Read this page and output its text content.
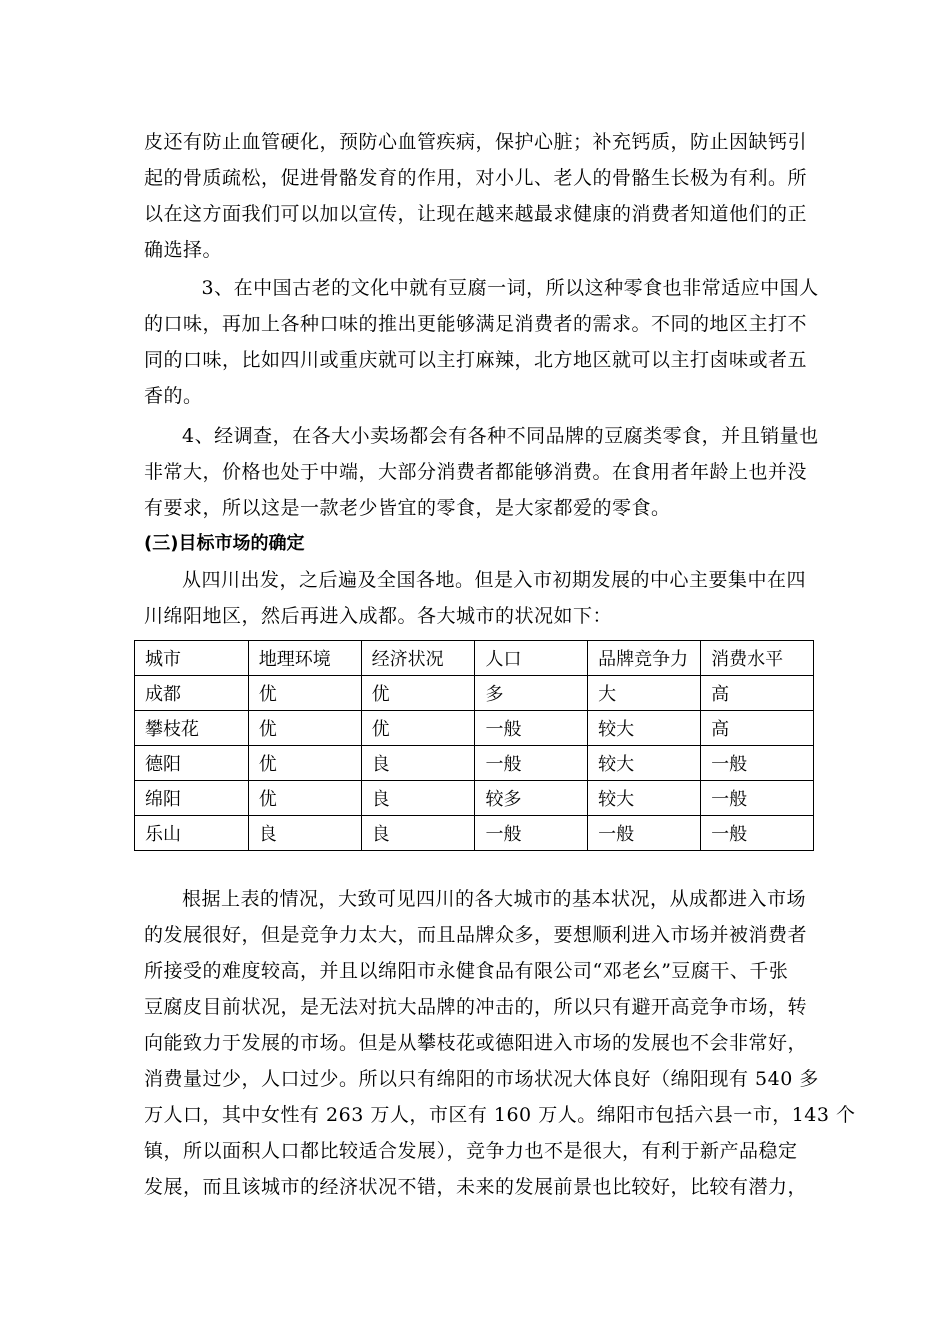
皮还有防止血管硬化，预防心血管疾病，保护心脏；补充钙质，防止因缺钙引
起的骨质疏松，促进骨骼发育的作用，对小儿、老人的骨骼生长极为有利。所
以在这方面我们可以加以宣传，让现在越来越最求健康的消费者知道他们的正
确选择。
　3、在中国古老的文化中就有豆腐一词，所以这种零食也非常适应中国人
的口味，再加上各种口味的推出更能够满足消费者的需求。不同的地区主打不
同的口味，比如四川或重庆就可以主打麻辣，北方地区就可以主打卤味或者五
香的。
4、经调查，在各大小卖场都会有各种不同品牌的豆腐类零食，并且销量也
非常大，价格也处于中端，大部分消费者都能够消费。在食用者年龄上也并没
有要求，所以这是一款老少皆宜的零食，是大家都爱的零食。
(三)目标市场的确定
从四川出发，之后遍及全国各地。但是入市初期发展的中心主要集中在四
川绵阳地区，然后再进入成都。各大城市的状况如下：
城市	地理环境	经济状况	人口	品牌竞争力	消费水平
成都	优	优	多	大	高
攀枝花	优	优	一般	较大	高
德阳	优	良	一般	较大	一般
绵阳	优	良	较多	较大	一般
乐山	良	良	一般	一般	一般
根据上表的情况，大致可见四川的各大城市的基本状况，从成都进入市场
的发展很好，但是竞争力太大，而且品牌众多，要想顺利进入市场并被消费者
所接受的难度较高，并且以绵阳市永健食品有限公司“邓老幺”豆腐干、千张
豆腐皮目前状况，是无法对抗大品牌的冲击的，所以只有避开高竞争市场，转
向能致力于发展的市场。但是从攀枝花或德阳进入市场的发展也不会非常好，
消费量过少，人口过少。所以只有绵阳的市场状况大体良好（绵阳现有 540 多
万人口，其中女性有 263 万人，市区有 160 万人。绵阳市包括六县一市，143 个
镇，所以面积人口都比较适合发展），竞争力也不是很大，有利于新产品稳定
发展，而且该城市的经济状况不错，未来的发展前景也比较好，比较有潜力，
